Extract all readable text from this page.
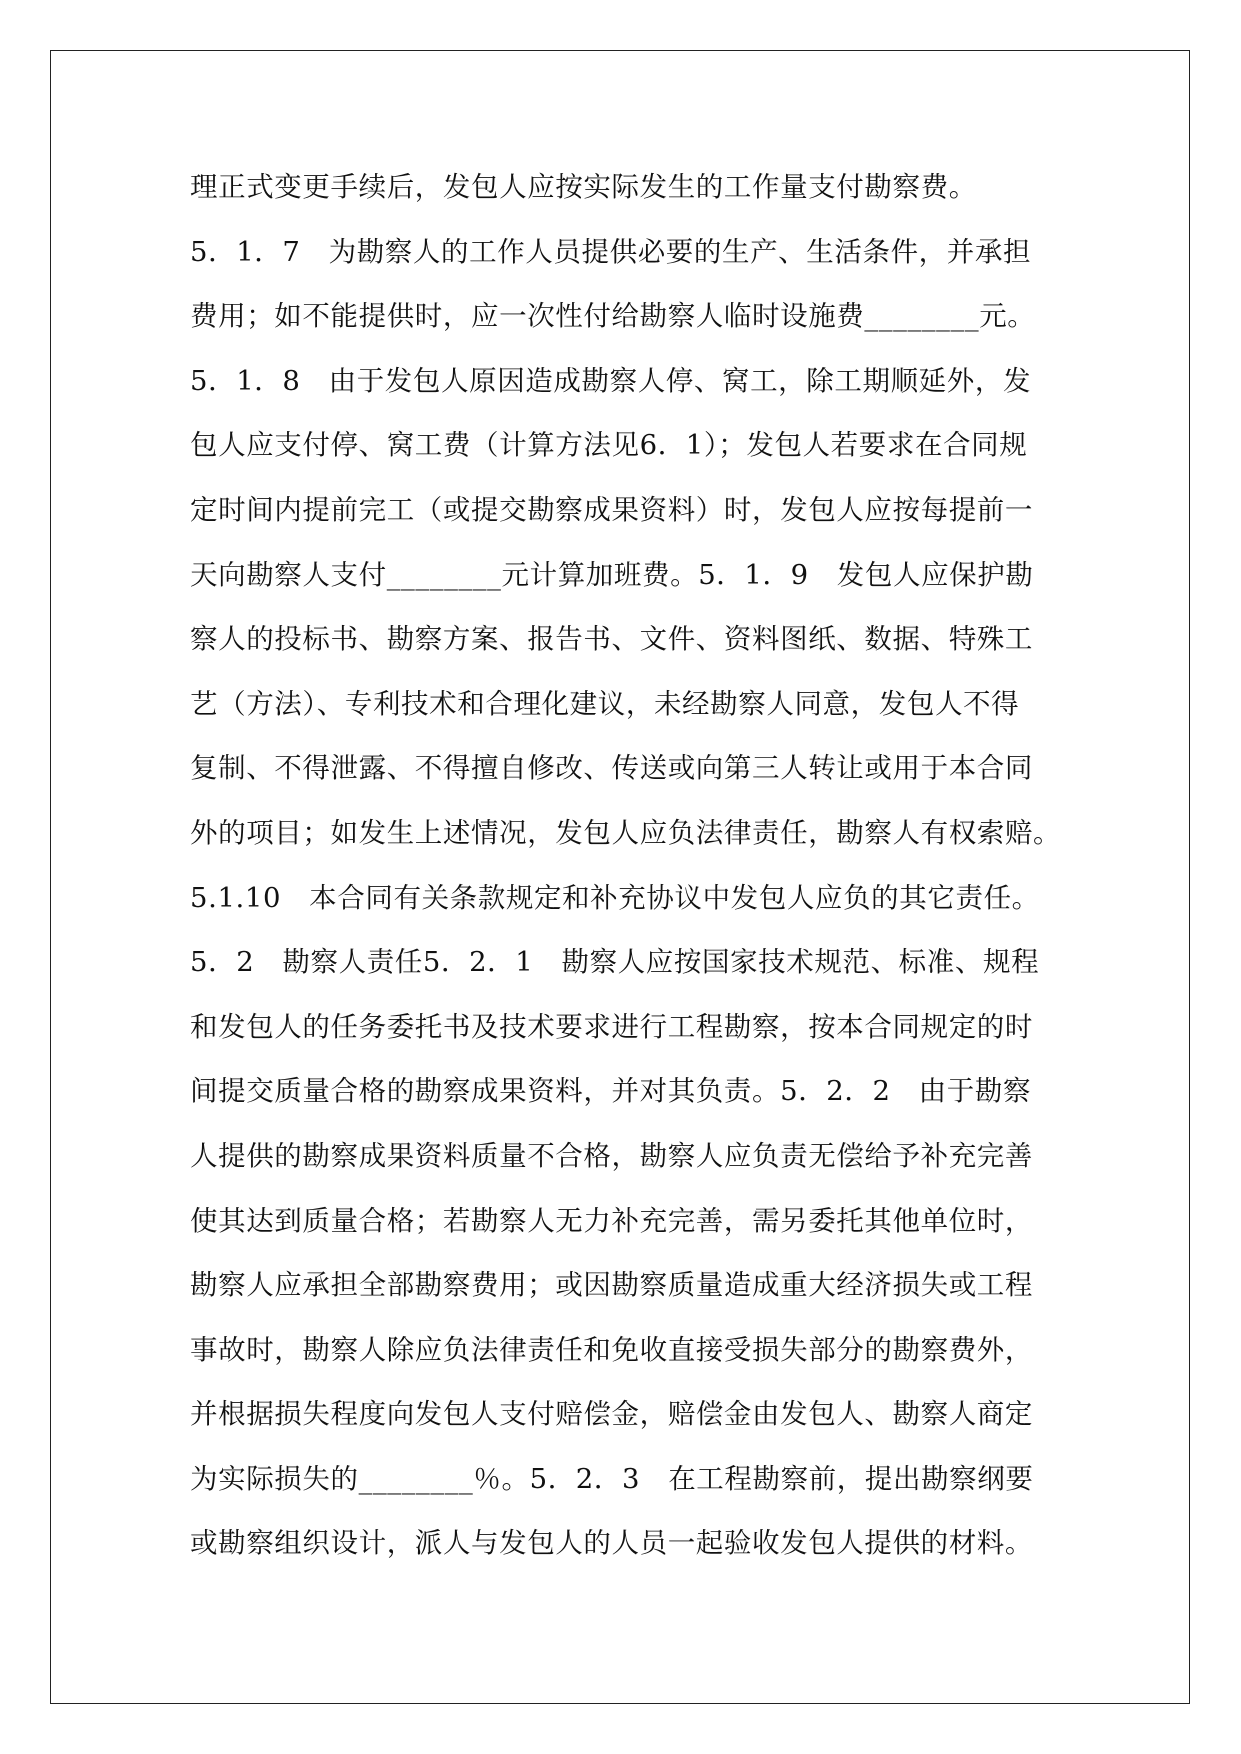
理正式变更手续后，发包人应按实际发生的工作量支付勘察费。
5．1．7　为勘察人的工作人员提供必要的生产、生活条件，并承担
费用；如不能提供时，应一次性付给勘察人临时设施费________元。
5．1．8　由于发包人原因造成勘察人停、窝工，除工期顺延外，发
包人应支付停、窝工费（计算方法见6．1）；发包人若要求在合同规
定时间内提前完工（或提交勘察成果资料）时，发包人应按每提前一
天向勘察人支付________元计算加班费。5．1．9　发包人应保护勘
察人的投标书、勘察方案、报告书、文件、资料图纸、数据、特殊工
艺（方法）、专利技术和合理化建议，未经勘察人同意，发包人不得
复制、不得泄露、不得擅自修改、传送或向第三人转让或用于本合同
外的项目；如发生上述情况，发包人应负法律责任，勘察人有权索赔。
5.1.10　本合同有关条款规定和补充协议中发包人应负的其它责任。
5．2　勘察人责任5．2．1　勘察人应按国家技术规范、标准、规程
和发包人的任务委托书及技术要求进行工程勘察，按本合同规定的时
间提交质量合格的勘察成果资料，并对其负责。5．2．2　由于勘察
人提供的勘察成果资料质量不合格，勘察人应负责无偿给予补充完善
使其达到质量合格；若勘察人无力补充完善，需另委托其他单位时，
勘察人应承担全部勘察费用；或因勘察质量造成重大经济损失或工程
事故时，勘察人除应负法律责任和免收直接受损失部分的勘察费外，
并根据损失程度向发包人支付赔偿金，赔偿金由发包人、勘察人商定
为实际损失的________％。5．2．3　在工程勘察前，提出勘察纲要
或勘察组织设计，派人与发包人的人员一起验收发包人提供的材料。
